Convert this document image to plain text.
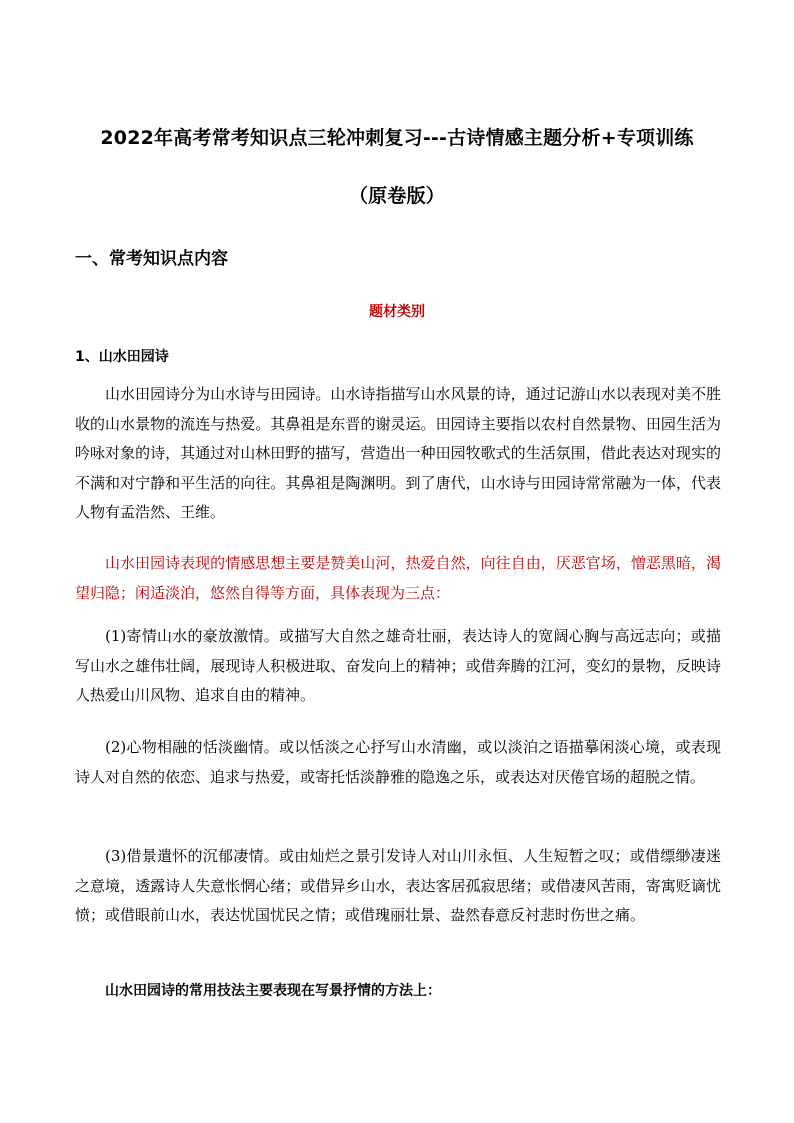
2022年高考常考知识点三轮冲刺复习---古诗情感主题分析+专项训练
（原卷版）
一、常考知识点内容
题材类别
1、山水田园诗
山水田园诗分为山水诗与田园诗。山水诗指描写山水风景的诗，通过记游山水以表现对美不胜收的山水景物的流连与热爱。其鼻祖是东晋的谢灵运。田园诗主要指以农村自然景物、田园生活为吟咏对象的诗，其通过对山林田野的描写，营造出一种田园牧歌式的生活氛围，借此表达对现实的不满和对宁静和平生活的向往。其鼻祖是陶渊明。到了唐代，山水诗与田园诗常常融为一体，代表人物有孟浩然、王维。
山水田园诗表现的情感思想主要是赞美山河，热爱自然，向往自由，厌恶官场，憎恶黑暗，渴望归隐；闲适淡泊，悠然自得等方面，具体表现为三点：
(1)寄情山水的豪放激情。或描写大自然之雄奇壮丽，表达诗人的宽阔心胸与高远志向；或描写山水之雄伟壮阔，展现诗人积极进取、奋发向上的精神；或借奔腾的江河，变幻的景物，反映诗人热爱山川风物、追求自由的精神。
(2)心物相融的恬淡幽情。或以恬淡之心抒写山水清幽，或以淡泊之语描摹闲淡心境，或表现诗人对自然的依恋、追求与热爱，或寄托恬淡静雅的隐逸之乐，或表达对厌倦官场的超脱之情。
(3)借景遣怀的沉郁凄情。或由灿烂之景引发诗人对山川永恒、人生短暂之叹；或借缥缈凄迷之意境，透露诗人失意怅惘心绪；或借异乡山水，表达客居孤寂思绪；或借凄风苦雨，寄寓贬谪忧愤；或借眼前山水，表达忧国忧民之情；或借瑰丽壮景、盎然春意反衬悲时伤世之痛。
山水田园诗的常用技法主要表现在写景抒情的方法上：
